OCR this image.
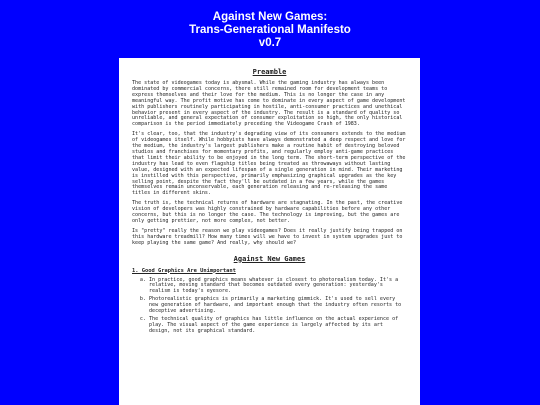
Against New Games:
Trans-Generational Manifesto
v0.7
Preamble

The state of videogames today is abysmal. While the gaming industry has always been dominated by commercial concerns, there still remained room for development teams to express themselves and their love for the medium. This is no longer the case in any meaningful way. The profit motive has come to dominate in every aspect of game development with publishers routinely participating in hostile, anti-consumer practices and unethical behavior present in every aspect of the industry. The result is a standard of quality so unreliable, and general expectation of consumer exploitation so high, the only historical comparison is the period immediately preceding the Videogame Crash of 1983.

It's clear, too, that the industry's degrading view of its consumers extends to the medium of videogames itself. While hobbyists have always demonstrated a deep respect and love for the medium, the industry's largest publishers make a routine habit of destroying beloved studios and franchises for momentary profits, and regularly employ anti-game practices that limit their ability to be enjoyed in the long term. The short-term perspective of the industry has lead to even flagship titles being treated as throwaways without lasting value, designed with an expected lifespan of a single generation in mind. Their marketing is instilled with this perspective, primarily emphasizing graphical upgrades as the key selling point, despite the fact they'll be outdated in a few years, while the games themselves remain unconservable, each generation releasing and re-releasing the same titles in different skins.

The truth is, the technical returns of hardware are stagnating. In the past, the creative vision of developers was highly constrained by hardware capabilities before any other concerns, but this is no longer the case. The technology is improving, but the games are only getting prettier, not more complex, not better.

Is "pretty" really the reason we play videogames? Does it really justify being trapped on this hardware treadmill? How many times will we have to invest in system upgrades just to keep playing the same game? And really, why should we?

Against New Games
1. Good Graphics Are Unimportant
a. In practice, good graphics means whatever is closest to photorealism today. It's a relative, moving standard that becomes outdated every generation: yesterday's realism is today's eyesore.
b. Photorealistic graphics is primarily a marketing gimmick. It's used to sell every new generation of hardware, and important enough that the industry often resorts to deceptive advertising.
c. The technical quality of graphics has little influence on the actual experience of play. The visual aspect of the game experience is largely affected by its art design, not its graphical standard.
